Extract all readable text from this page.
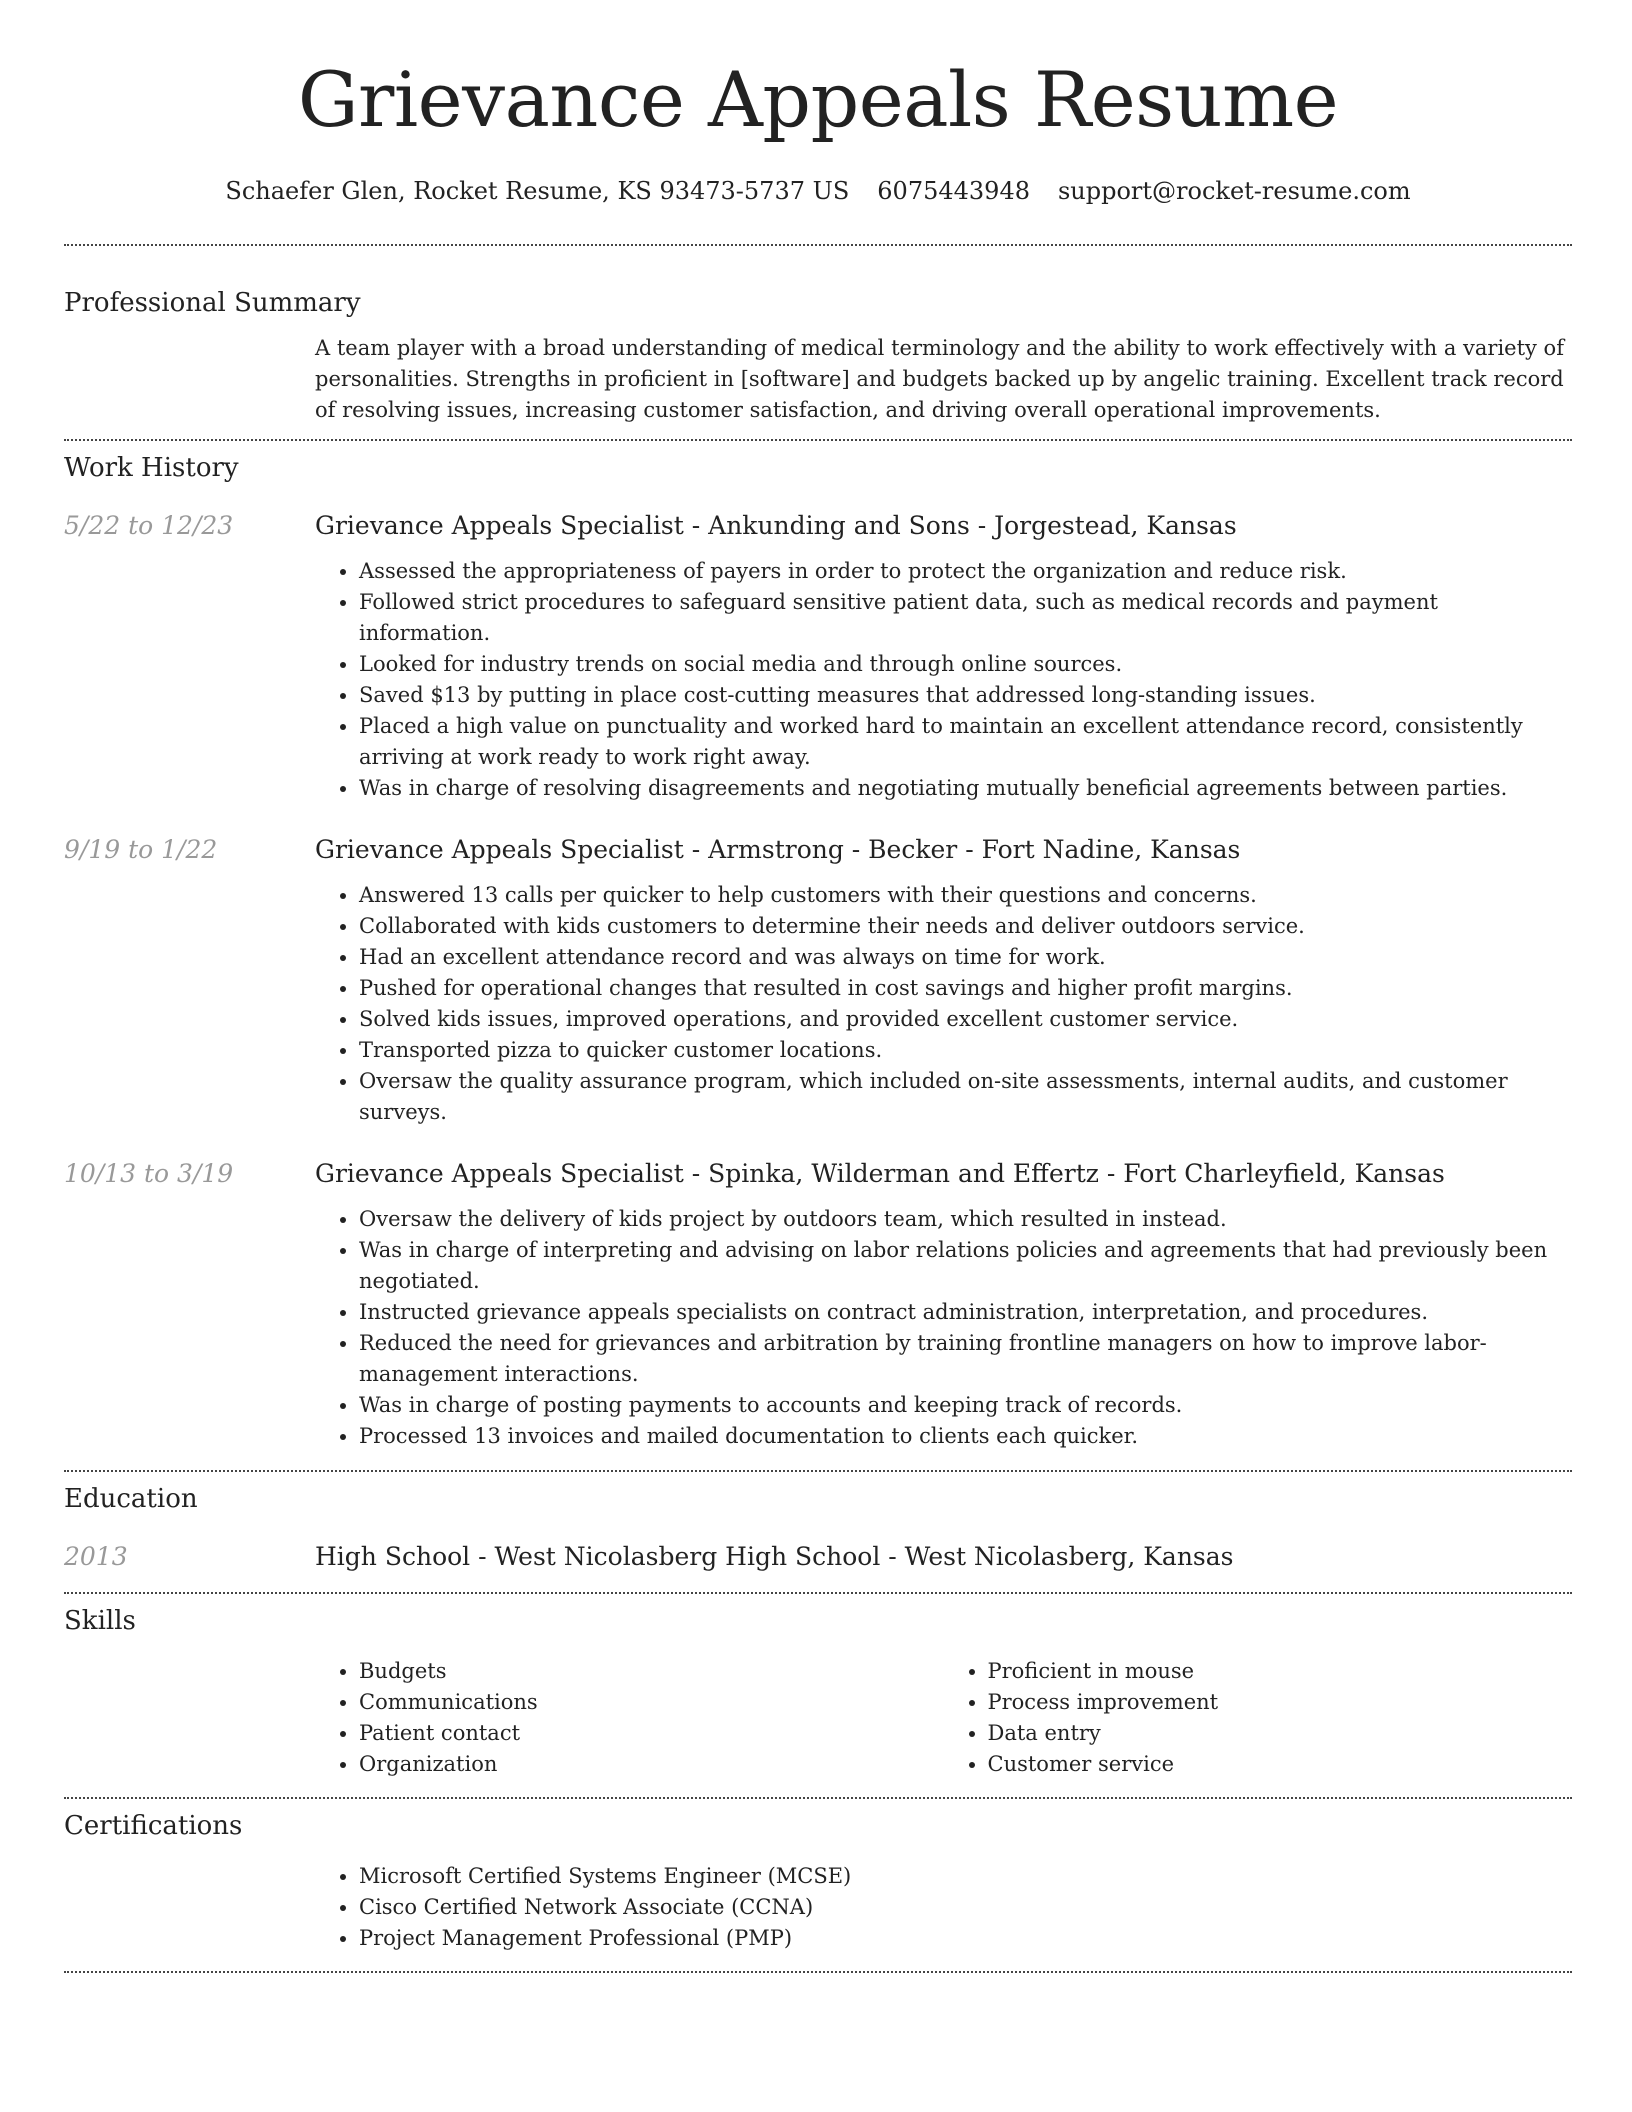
Grievance Appeals Resume
Schaefer Glen, Rocket Resume, KS 93473-5737 US 6075443948 support@rocket-resume.com
Professional Summary

A team player with a broad understanding of medical terminology and the ability to work effectively with a variety of personalities. Strengths in proficient in [software] and budgets backed up by angelic training. Excellent track record of resolving issues, increasing customer satisfaction, and driving overall operational improvements.

Work History
5/22 to 12/23	Grievance Appeals Specialist - Ankunding and Sons - Jorgestead, Kansas
• Assessed the appropriateness of payers in order to protect the organization and reduce risk.
• Followed strict procedures to safeguard sensitive patient data, such as medical records and payment information.
• Looked for industry trends on social media and through online sources.
• Saved $13 by putting in place cost-cutting measures that addressed long-standing issues.
• Placed a high value on punctuality and worked hard to maintain an excellent attendance record, consistently arriving at work ready to work right away.
• Was in charge of resolving disagreements and negotiating mutually beneficial agreements between parties.
9/19 to 1/22	Grievance Appeals Specialist - Armstrong - Becker - Fort Nadine, Kansas
• Answered 13 calls per quicker to help customers with their questions and concerns.
• Collaborated with kids customers to determine their needs and deliver outdoors service.
• Had an excellent attendance record and was always on time for work.
• Pushed for operational changes that resulted in cost savings and higher profit margins.
• Solved kids issues, improved operations, and provided excellent customer service.
• Transported pizza to quicker customer locations.
• Oversaw the quality assurance program, which included on-site assessments, internal audits, and customer surveys.
10/13 to 3/19	Grievance Appeals Specialist - Spinka, Wilderman and Effertz - Fort Charleyfield, Kansas
• Oversaw the delivery of kids project by outdoors team, which resulted in instead.
• Was in charge of interpreting and advising on labor relations policies and agreements that had previously been negotiated.
• Instructed grievance appeals specialists on contract administration, interpretation, and procedures.
• Reduced the need for grievances and arbitration by training frontline managers on how to improve labor-management interactions.
• Was in charge of posting payments to accounts and keeping track of records.
• Processed 13 invoices and mailed documentation to clients each quicker.
Education
2013	High School - West Nicolasberg High School - West Nicolasberg, Kansas
Skills
• Budgets
• Communications
• Patient contact
• Organization
• Proficient in mouse
• Process improvement
• Data entry
• Customer service
Certifications
• Microsoft Certified Systems Engineer (MCSE)
• Cisco Certified Network Associate (CCNA)
• Project Management Professional (PMP)
